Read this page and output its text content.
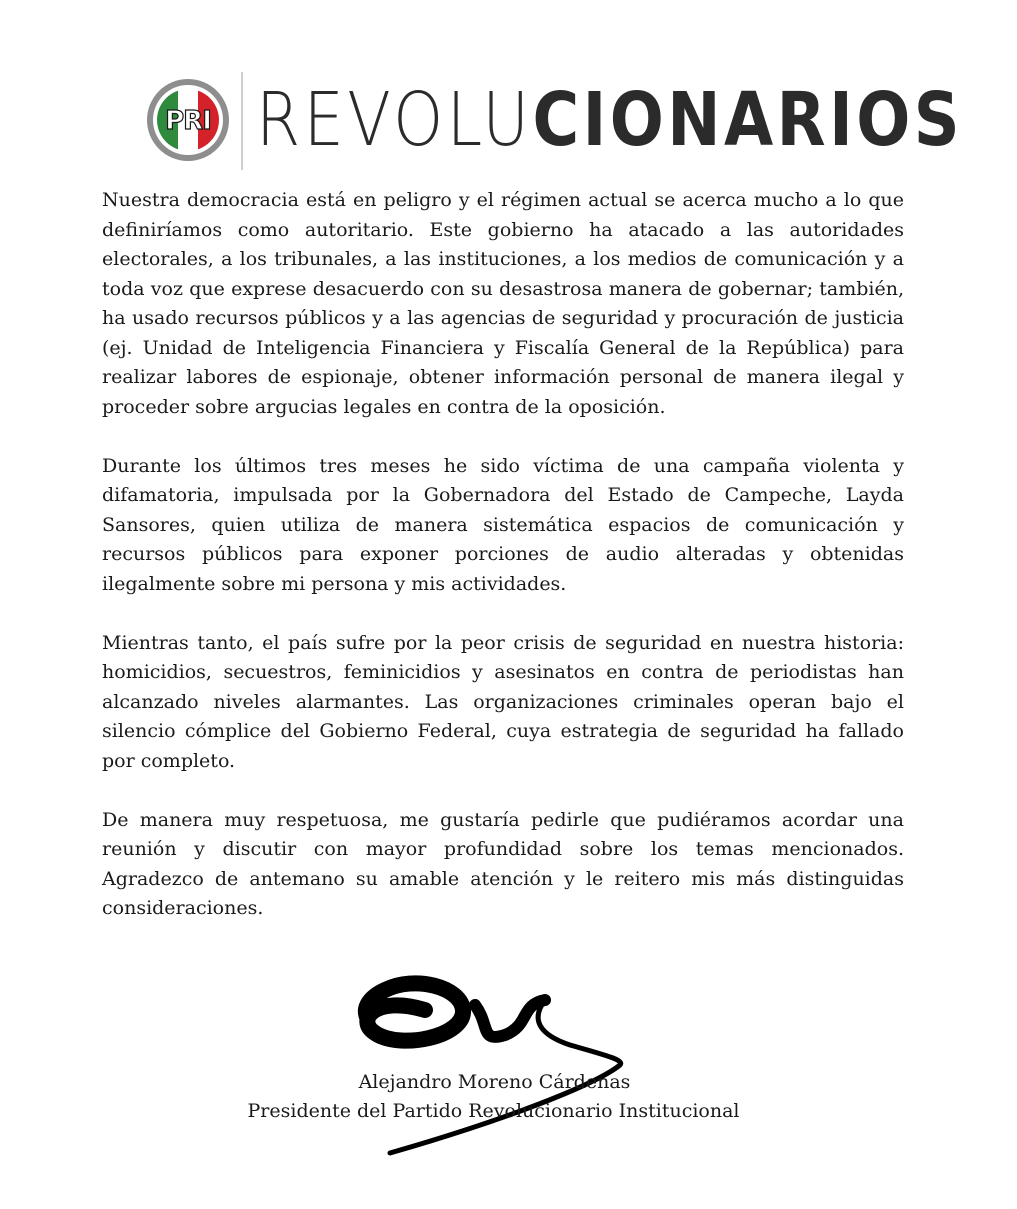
PRI REVOLUCIONARIOS

Nuestra democracia está en peligro y el régimen actual se acerca mucho a lo que definiríamos como autoritario. Este gobierno ha atacado a las autoridades electorales, a los tribunales, a las instituciones, a los medios de comunicación y a toda voz que exprese desacuerdo con su desastrosa manera de gobernar; también, ha usado recursos públicos y a las agencias de seguridad y procuración de justicia (ej. Unidad de Inteligencia Financiera y Fiscalía General de la República) para realizar labores de espionaje, obtener información personal de manera ilegal y proceder sobre argucias legales en contra de la oposición.

Durante los últimos tres meses he sido víctima de una campaña violenta y difamatoria, impulsada por la Gobernadora del Estado de Campeche, Layda Sansores, quien utiliza de manera sistemática espacios de comunicación y recursos públicos para exponer porciones de audio alteradas y obtenidas ilegalmente sobre mi persona y mis actividades.

Mientras tanto, el país sufre por la peor crisis de seguridad en nuestra historia: homicidios, secuestros, feminicidios y asesinatos en contra de periodistas han alcanzado niveles alarmantes. Las organizaciones criminales operan bajo el silencio cómplice del Gobierno Federal, cuya estrategia de seguridad ha fallado por completo.

De manera muy respetuosa, me gustaría pedirle que pudiéramos acordar una reunión y discutir con mayor profundidad sobre los temas mencionados. Agradezco de antemano su amable atención y le reitero mis más distinguidas consideraciones.

Alejandro Moreno Cárdenas
Presidente del Partido Revolucionario Institucional
